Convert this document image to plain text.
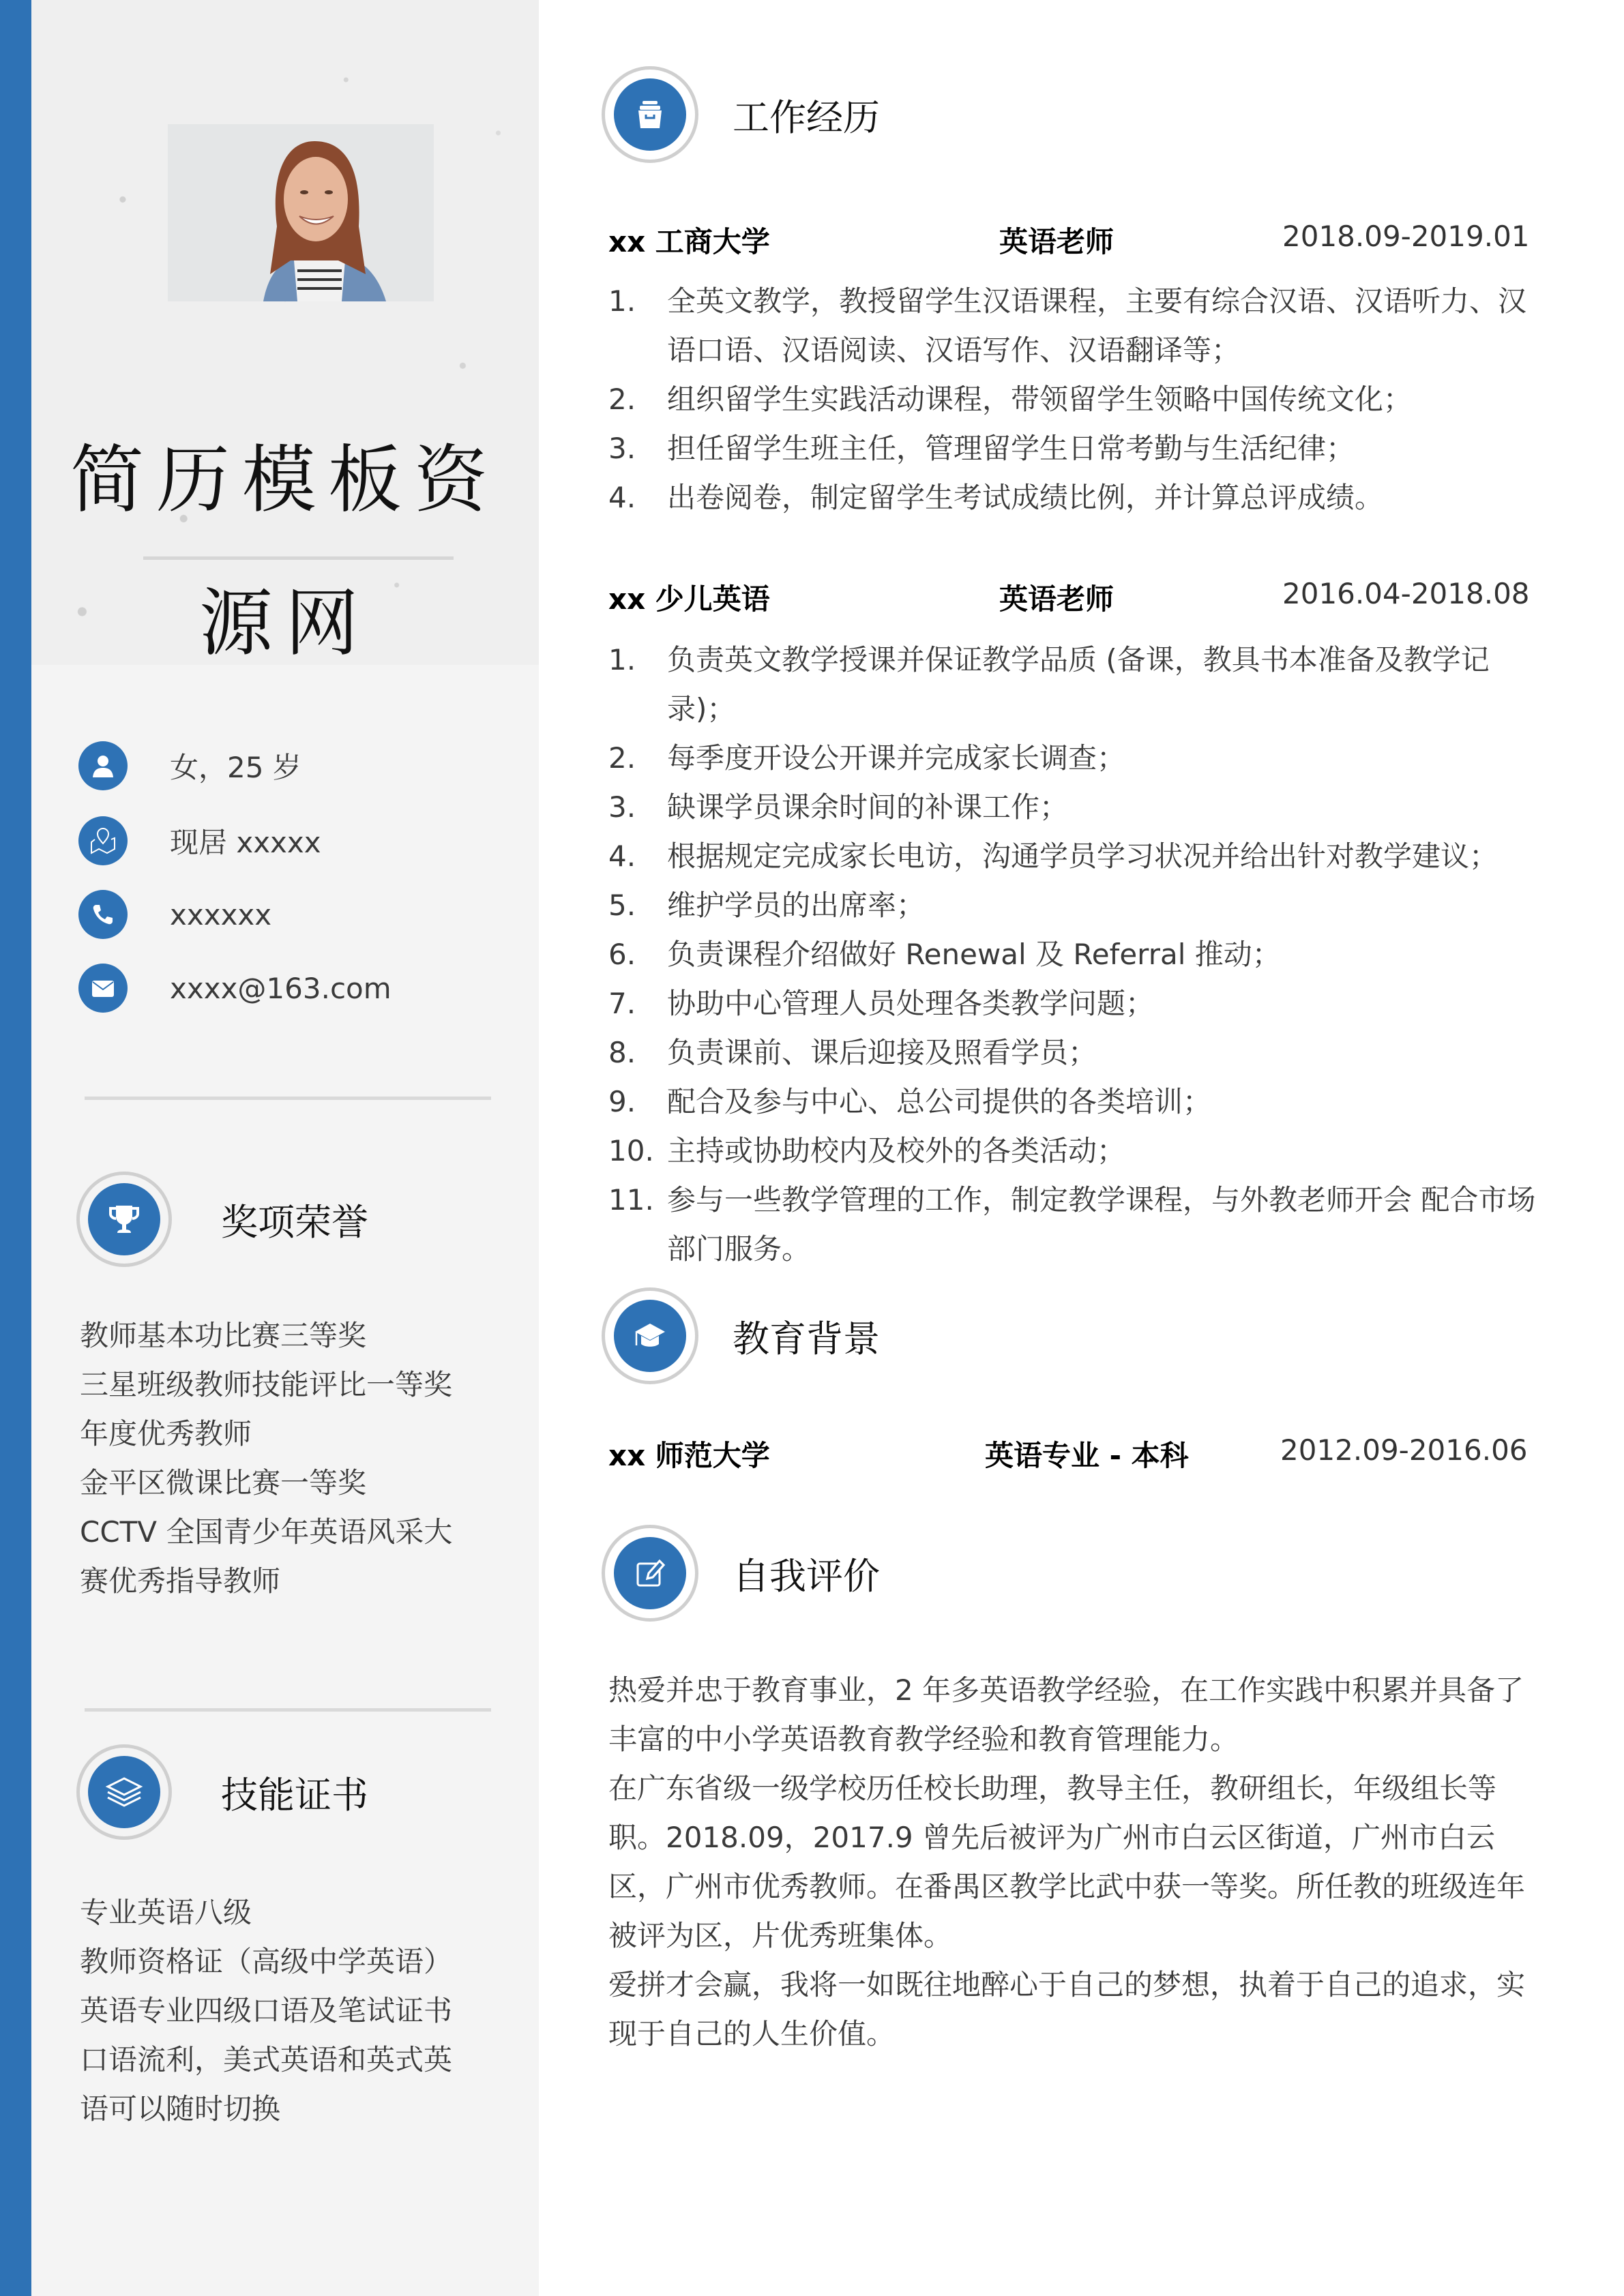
简历模板资
源网
女，25 岁
现居 xxxxx
xxxxxx
xxxx@163.com
奖项荣誉
教师基本功比赛三等奖
三星班级教师技能评比一等奖
年度优秀教师
金平区微课比赛一等奖
CCTV 全国青少年英语风采大赛优秀指导教师
技能证书
专业英语八级
教师资格证（高级中学英语）
英语专业四级口语及笔试证书
口语流利，美式英语和英式英语可以随时切换
工作经历
xx 工商大学	英语老师	2018.09-2019.01
1.	全英文教学，教授留学生汉语课程，主要有综合汉语、汉语听力、汉语口语、汉语阅读、汉语写作、汉语翻译等；
2.	组织留学生实践活动课程，带领留学生领略中国传统文化；
3.	担任留学生班主任，管理留学生日常考勤与生活纪律；
4.	出卷阅卷，制定留学生考试成绩比例，并计算总评成绩。
xx 少儿英语	英语老师	2016.04-2018.08
1.	负责英文教学授课并保证教学品质 (备课，教具书本准备及教学记录)；
2.	每季度开设公开课并完成家长调查；
3.	缺课学员课余时间的补课工作；
4.	根据规定完成家长电访，沟通学员学习状况并给出针对教学建议；
5.	维护学员的出席率；
6.	负责课程介绍做好 Renewal 及 Referral 推动；
7.	协助中心管理人员处理各类教学问题；
8.	负责课前、课后迎接及照看学员；
9.	配合及参与中心、总公司提供的各类培训；
10. 主持或协助校内及校外的各类活动；
11. 参与一些教学管理的工作，制定教学课程，与外教老师开会 配合市场部门服务。
教育背景
xx 师范大学	英语专业 - 本科	2012.09-2016.06
自我评价
热爱并忠于教育事业，2 年多英语教学经验，在工作实践中积累并具备了丰富的中小学英语教育教学经验和教育管理能力。
在广东省级一级学校历任校长助理，教导主任，教研组长，年级组长等职。2018.09，2017.9 曾先后被评为广州市白云区街道，广州市白云区，广州市优秀教师。在番禺区教学比武中获一等奖。所任教的班级连年被评为区，片优秀班集体。
爱拼才会赢，我将一如既往地醉心于自己的梦想，执着于自己的追求，实现于自己的人生价值。
